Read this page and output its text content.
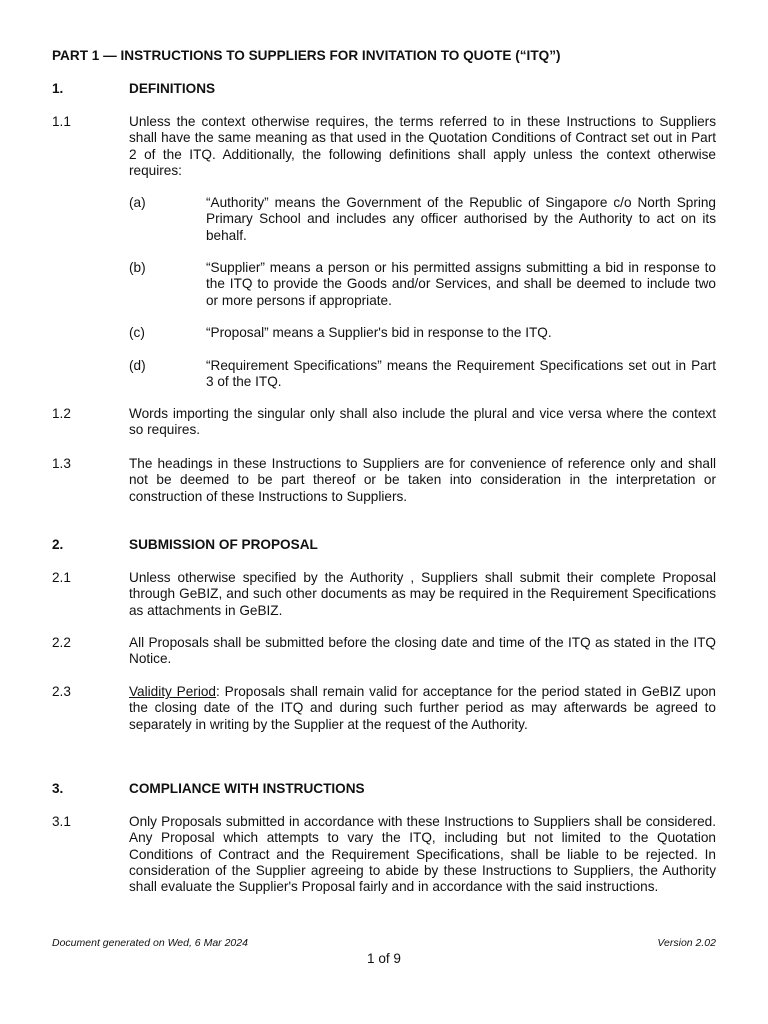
PART 1 — INSTRUCTIONS TO SUPPLIERS FOR INVITATION TO QUOTE (“ITQ”)
1.	DEFINITIONS
1.1	Unless the context otherwise requires, the terms referred to in these Instructions to Suppliers shall have the same meaning as that used in the Quotation Conditions of Contract set out in Part 2 of the ITQ. Additionally, the following definitions shall apply unless the context otherwise requires:
(a)	“Authority” means the Government of the Republic of Singapore c/o North Spring Primary School and includes any officer authorised by the Authority to act on its behalf.
(b)	“Supplier” means a person or his permitted assigns submitting a bid in response to the ITQ to provide the Goods and/or Services, and shall be deemed to include two or more persons if appropriate.
(c)	“Proposal” means a Supplier's bid in response to the ITQ.
(d)	“Requirement Specifications” means the Requirement Specifications set out in Part 3 of the ITQ.
1.2	Words importing the singular only shall also include the plural and vice versa where the context so requires.
1.3	The headings in these Instructions to Suppliers are for convenience of reference only and shall not be deemed to be part thereof or be taken into consideration in the interpretation or construction of these Instructions to Suppliers.
2.	SUBMISSION OF PROPOSAL
2.1	Unless otherwise specified by the Authority , Suppliers shall submit their complete Proposal through GeBIZ, and such other documents as may be required in the Requirement Specifications as attachments in GeBIZ.
2.2	All Proposals shall be submitted before the closing date and time of the ITQ as stated in the ITQ Notice.
2.3	Validity Period: Proposals shall remain valid for acceptance for the period stated in GeBIZ upon the closing date of the ITQ and during such further period as may afterwards be agreed to separately in writing by the Supplier at the request of the Authority.
3.	COMPLIANCE WITH INSTRUCTIONS
3.1	Only Proposals submitted in accordance with these Instructions to Suppliers shall be considered. Any Proposal which attempts to vary the ITQ, including but not limited to the Quotation Conditions of Contract and the Requirement Specifications, shall be liable to be rejected. In consideration of the Supplier agreeing to abide by these Instructions to Suppliers, the Authority shall evaluate the Supplier's Proposal fairly and in accordance with the said instructions.
Document generated on Wed, 6 Mar 2024	Version 2.02
1 of 9
